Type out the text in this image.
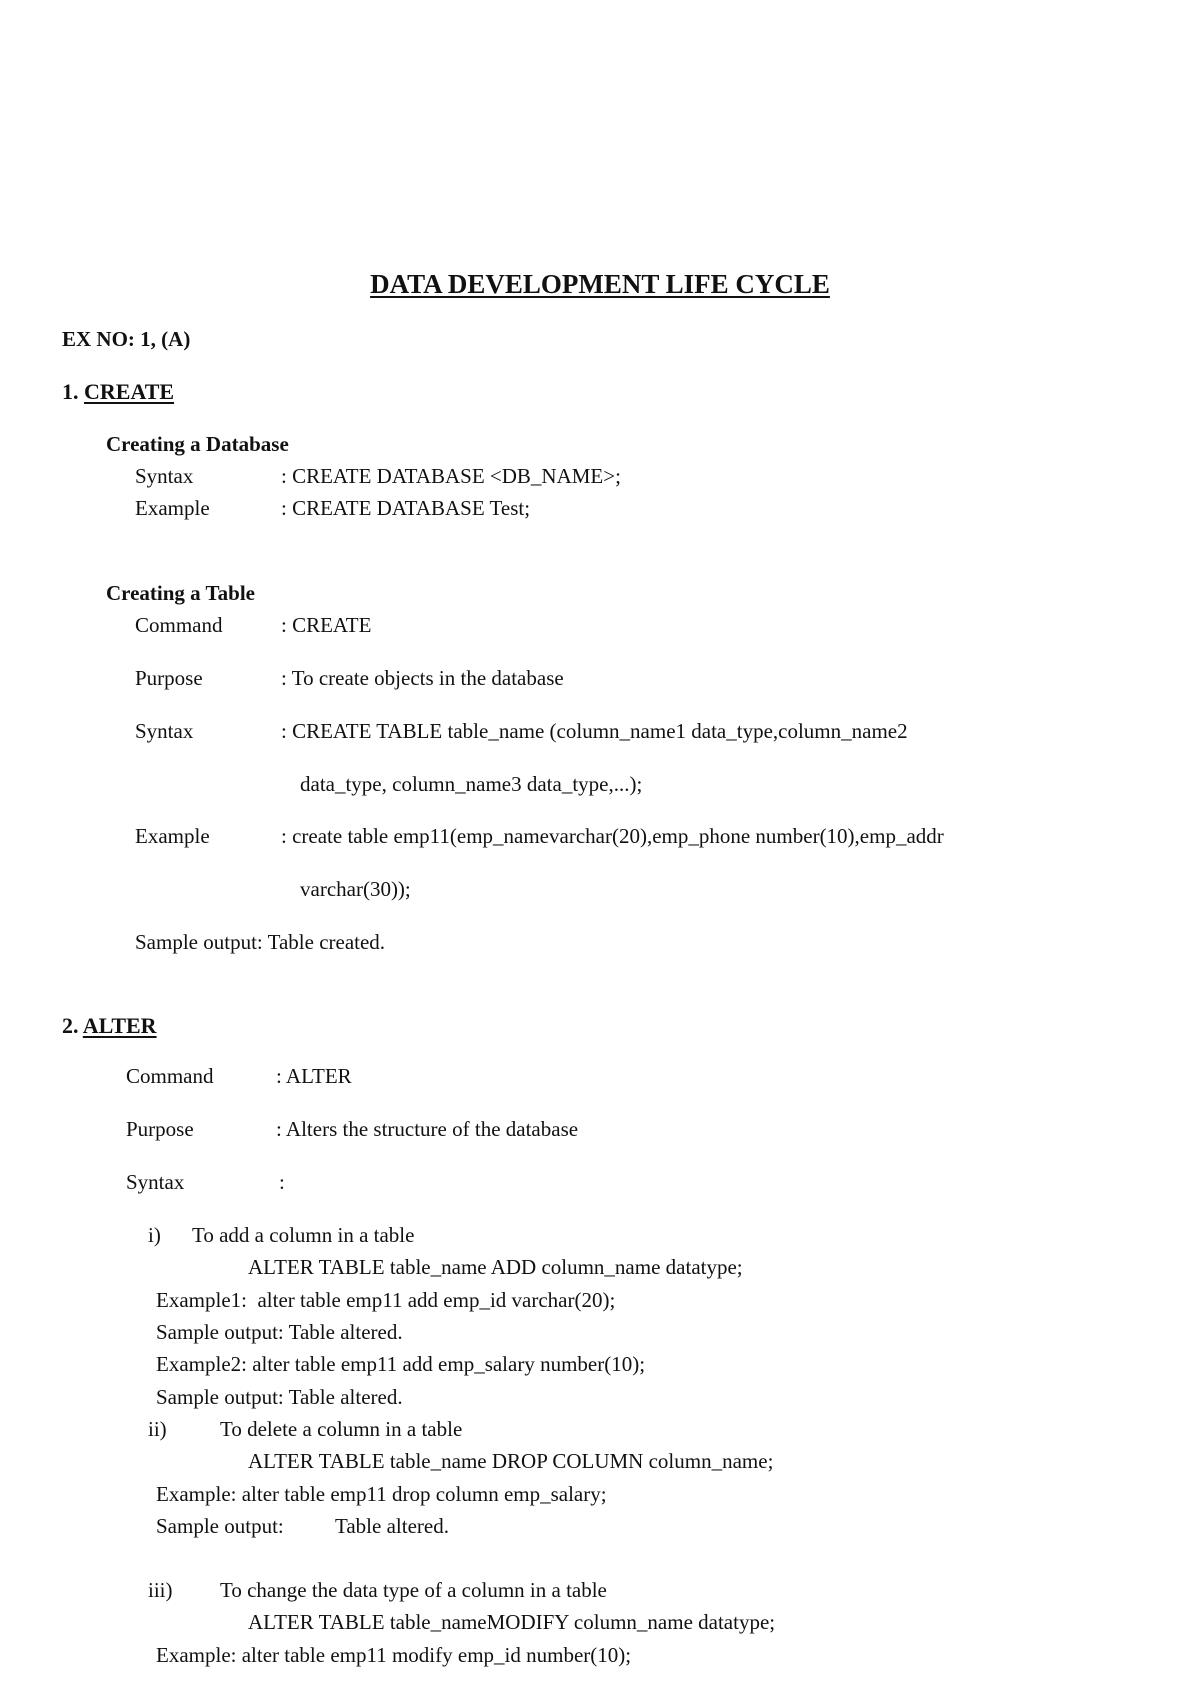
DATA DEVELOPMENT LIFE CYCLE
EX NO: 1, (A)
1. CREATE
Creating a Database
Syntax	: CREATE DATABASE <DB_NAME>;
Example	: CREATE DATABASE Test;
Creating a Table
Command	: CREATE
Purpose	: To create objects in the database
Syntax	: CREATE TABLE table_name (column_name1 data_type,column_name2
data_type, column_name3 data_type,...);
Example	: create table emp11(emp_namevarchar(20),emp_phone number(10),emp_addr
varchar(30));
Sample output: Table created.
2. ALTER
Command	: ALTER
Purpose	: Alters the structure of the database
Syntax	:
i) To add a column in a table
ALTER TABLE table_name ADD column_name datatype;
Example1:  alter table emp11 add emp_id varchar(20);
Sample output: Table altered.
Example2: alter table emp11 add emp_salary number(10);
Sample output: Table altered.
ii)	To delete a column in a table
ALTER TABLE table_name DROP COLUMN column_name;
Example: alter table emp11 drop column emp_salary;
Sample output: Table altered.
iii) To change the data type of a column in a table
ALTER TABLE table_nameMODIFY column_name datatype;
Example: alter table emp11 modify emp_id number(10);
